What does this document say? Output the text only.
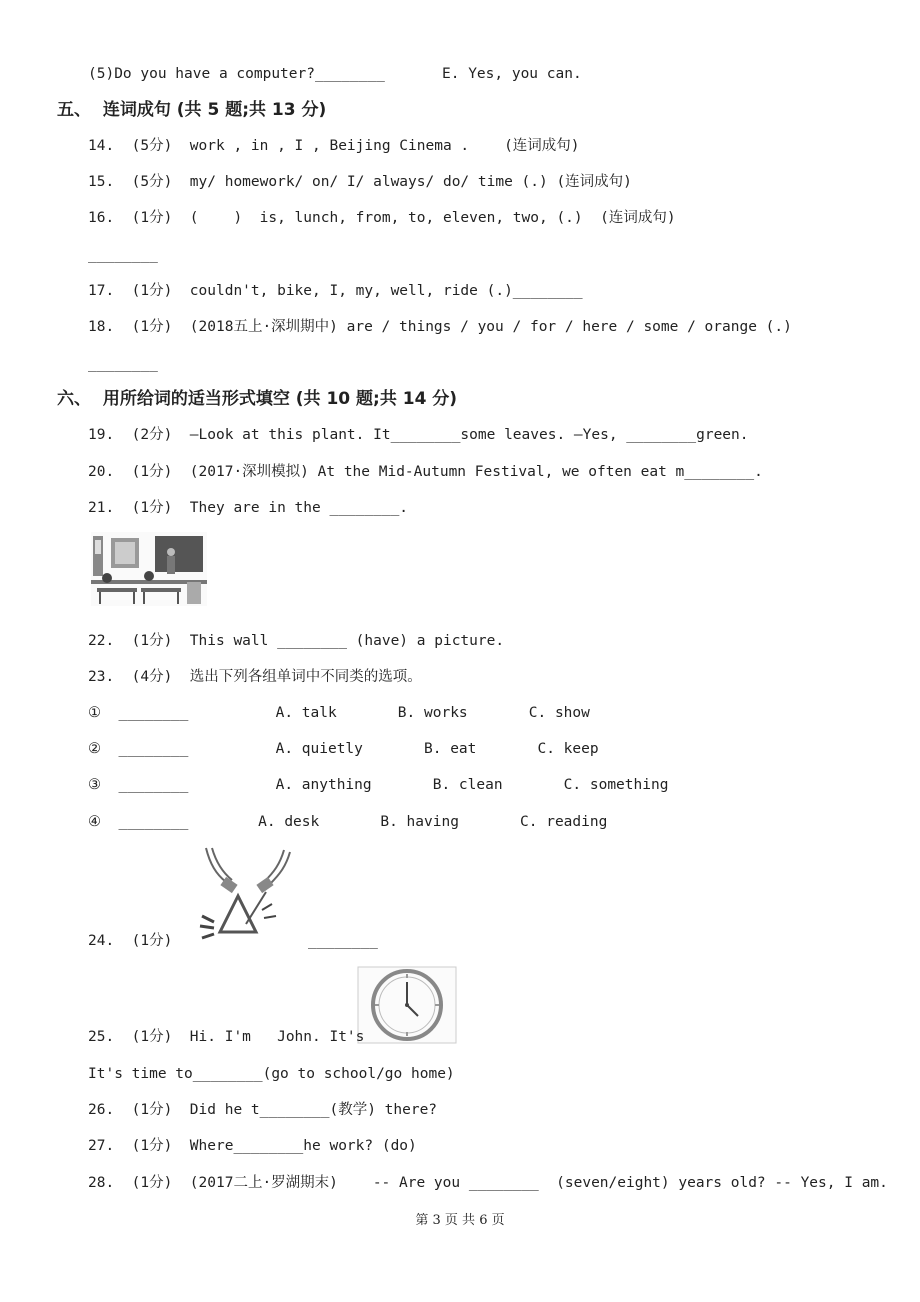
(5)Do you have a computer?________	E. Yes, you can.
五、  连词成句 (共 5 题;共 13 分)
14.  (5分)  work , in , I , Beijing Cinema .    (连词成句)
15.  (5分)  my/ homework/ on/ I/ always/ do/ time (.) (连词成句)
16.  (1分)  (    )  is, lunch, from, to, eleven, two, (.)  (连词成句)
________
17.  (1分)  couldn't, bike, I, my, well, ride (.)________
18.  (1分)  (2018五上·深圳期中) are / things / you / for / here / some / orange (.)
________
六、  用所给词的适当形式填空 (共 10 题;共 14 分)
19.  (2分)  —Look at this plant. It________some leaves. —Yes, ________green.
20.  (1分)  (2017·深圳模拟) At the Mid-Autumn Festival, we often eat m________.
21.  (1分)  They are in the ________.
22.  (1分)  This wall ________ (have) a picture.
23.  (4分)  选出下列各组单词中不同类的选项。
①  ________          A. talk       B. works       C. show
②  ________          A. quietly       B. eat       C. keep
③  ________          A. anything       B. clean       C. something
④  ________        A. desk       B. having       C. reading
24.  (1分)	________
25.  (1分)  Hi. I'm   John. It's
It's time to________(go to school/go home)
26.  (1分)  Did he t________(教学) there?
27.  (1分)  Where________he work? (do)
28.  (1分)  (2017二上·罗湖期末)    -- Are you ________  (seven/eight) years old? -- Yes, I am.
第 3 页 共 6 页
